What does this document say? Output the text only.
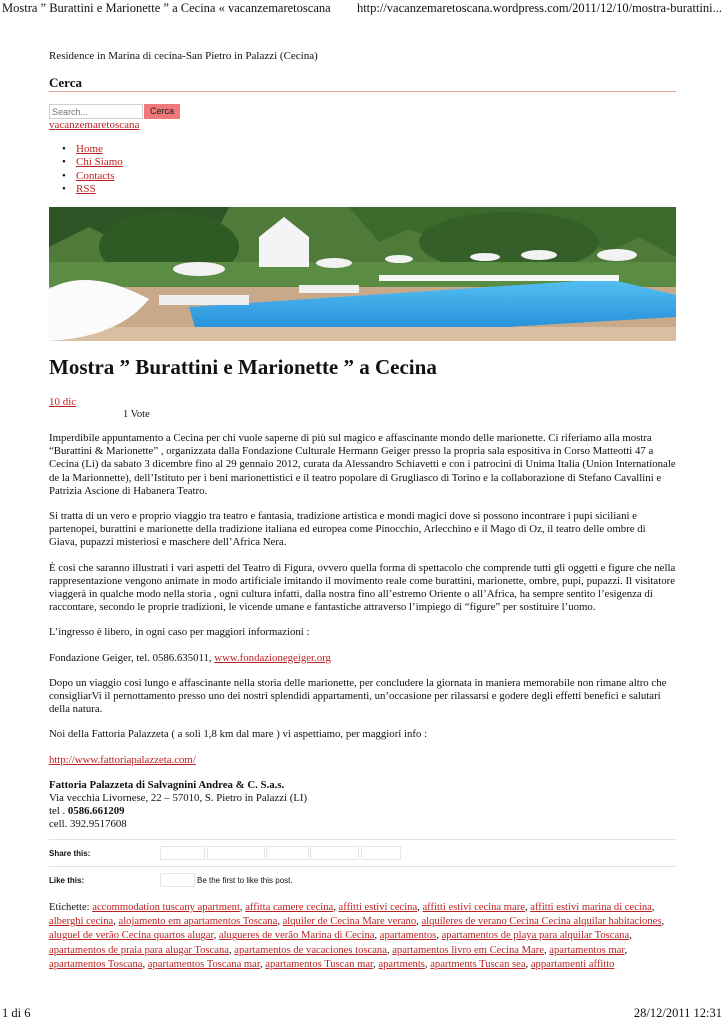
Mostra ” Burattini e Marionette ” a Cecina « vacanzemaretoscana http://vacanzemaretoscana.wordpress.com/2011/12/10/mostra-burattini...
Residence in Marina di cecina-San Pietro in Palazzi (Cecina)
Cerca
Search...
Cerca
vacanzemaretoscana
• Home
• Chi Siamo
• Contacts
• RSS
Mostra ” Burattini e Marionette ” a Cecina
10 dic
1 Vote

Imperdibile appuntamento a Cecina per chi vuole saperne di più sul magico e affascinante mondo delle marionette. Ci riferiamo alla mostra “Burattini & Marionette” , organizzata dalla Fondazione Culturale Hermann Geiger presso la propria sala espositiva in Corso Matteotti 47 a Cecina (Li) da sabato 3 dicembre fino al 29 gennaio 2012, curata da Alessandro Schiavetti e con i patrocini di Unima Italia (Union Internationale de la Marionnette), dell’Istituto per i beni marionettistici e il teatro popolare di Grugliasco di Torino e la collaborazione di Stefano Cavallini e Patrizia Ascione di Habanera Teatro.

Si tratta di un vero e proprio viaggio tra teatro e fantasia, tradizione artistica e mondi magici dove si possono incontrare i pupi siciliani e partenopei, burattini e marionette della tradizione italiana ed europea come Pinocchio, Arlecchino e il Mago di Oz, il teatro delle ombre di Giava, pupazzi misteriosi e maschere dell’Africa Nera.

È così che saranno illustrati i vari aspetti del Teatro di Figura, ovvero quella forma di spettacolo che comprende tutti gli oggetti e figure che nella rappresentazione vengono animate in modo artificiale imitando il movimento reale come burattini, marionette, ombre, pupi, pupazzi. Il visitatore viaggerà in qualche modo nella storia , ogni cultura infatti, dalla nostra fino all’estremo Oriente o all’Africa, ha sempre sentito l’esigenza di raccontare, secondo le proprie tradizioni, le vicende umane e fantastiche attraverso l’impiego di “figure” per sostituire l’uomo.

L’ingresso è libero, in ogni caso per maggiori informazioni :

Fondazione Geiger, tel. 0586.635011, www.fondazionegeiger.org

Dopo un viaggio così lungo e affascinante nella storia delle marionette, per concludere la giornata in maniera memorabile non rimane altro che consigliarVi il pernottamento presso uno dei nostri splendidi appartamenti, un’occasione per rilassarsi e godere degli effetti benefici e salutari della natura.

Noi della Fattoria Palazzeta ( a soli 1,8 km dal mare ) vi aspettiamo, per maggiori info :

http://www.fattoriapalazzeta.com/

Fattoria Palazzeta di Salvagnini Andrea & C. S.a.s.
Via vecchia Livornese, 22 – 57010, S. Pietro in Palazzi (LI)
tel . 0586.661209
cell. 392.9517608
Share this:
Like this:	Be the first to like this post.
Etichette: accommodation tuscany apartment, affitta camere cecina, affitti estivi cecina, affitti estivi cecina mare, affitti estivi marina di cecina, alberghi cecina, alojamento em apartamentos Toscana, alquiler de Cecina Mare verano, alquileres de verano Cecina Cecina alquilar habitaciones, aluguel de verão Cecina quartos alugar, alugueres de verão Marina di Cecina, apartamentos, apartamentos de playa para alquilar Toscana, apartamentos de praia para alugar Toscana, apartamentos de vacaciones toscana, apartamentos livro em Cecina Mare, apartamentos mar, apartamentos Toscana, apartamentos Toscana mar, apartamentos Tuscan mar, apartments, apartments Tuscan sea, appartamenti affitto
1 di 6	28/12/2011 12:31
